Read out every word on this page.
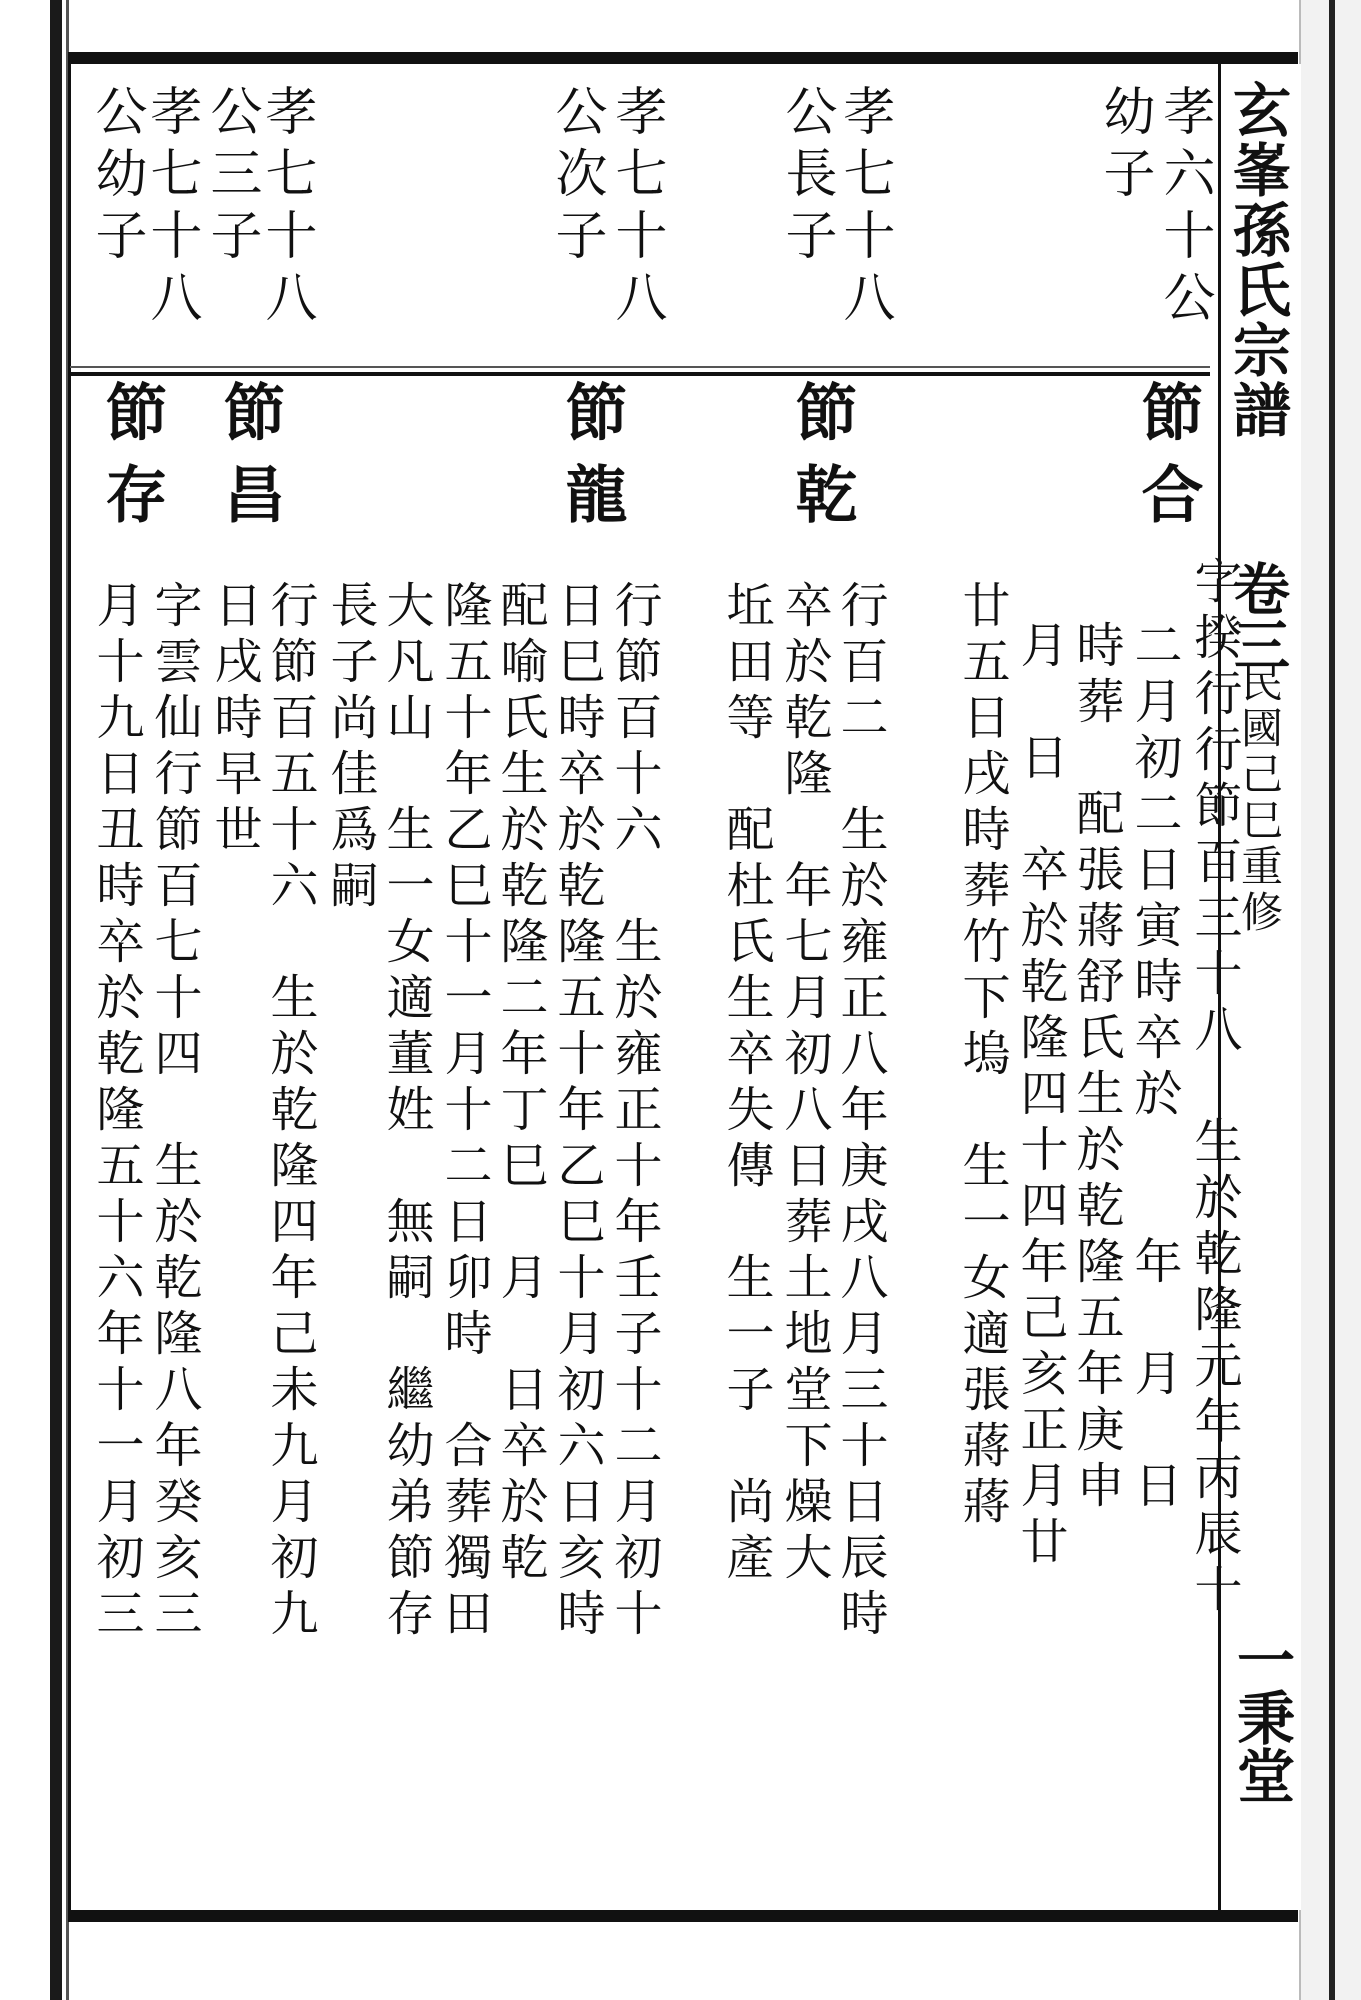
玄峯孫氏宗譜
卷三
民國己巳重修
一秉堂
孝六十公
幼子
孝七十八
公長子
孝七十八
公次子
孝七十八
公三子
孝七十八
公幼子
節合
字揆行行節百三十八　生於乾隆元年丙辰十
二月初二日寅時卒於　　年　月　日
時葬　配張蔣舒氏生於乾隆五年庚申
月　日　卒於乾隆四十四年己亥正月廿
廿五日戌時葬竹下塢　生一女適張蔣蔣
節乾
行百二　生於雍正八年庚戌八月三十日辰時
卒於乾隆　年七月初八日葬土地堂下燥大
坵田等　配杜氏生卒失傳　生一子　尚產
節龍
行節百十六　生於雍正十年壬子十二月初十
日巳時卒於乾隆五十年乙巳十月初六日亥時
配喻氏生於乾隆二年丁巳　月　日卒於乾
隆五十年乙巳十一月十二日卯時　合葬獨田
大凡山　生一女適董姓　無嗣　繼幼弟節存
長子尚佳爲嗣
節昌
行節百五十六　生於乾隆四年己未九月初九
日戌時早世
節存
字雲仙行節百七十四　生於乾隆八年癸亥三
月十九日丑時卒於乾隆五十六年十一月初三
